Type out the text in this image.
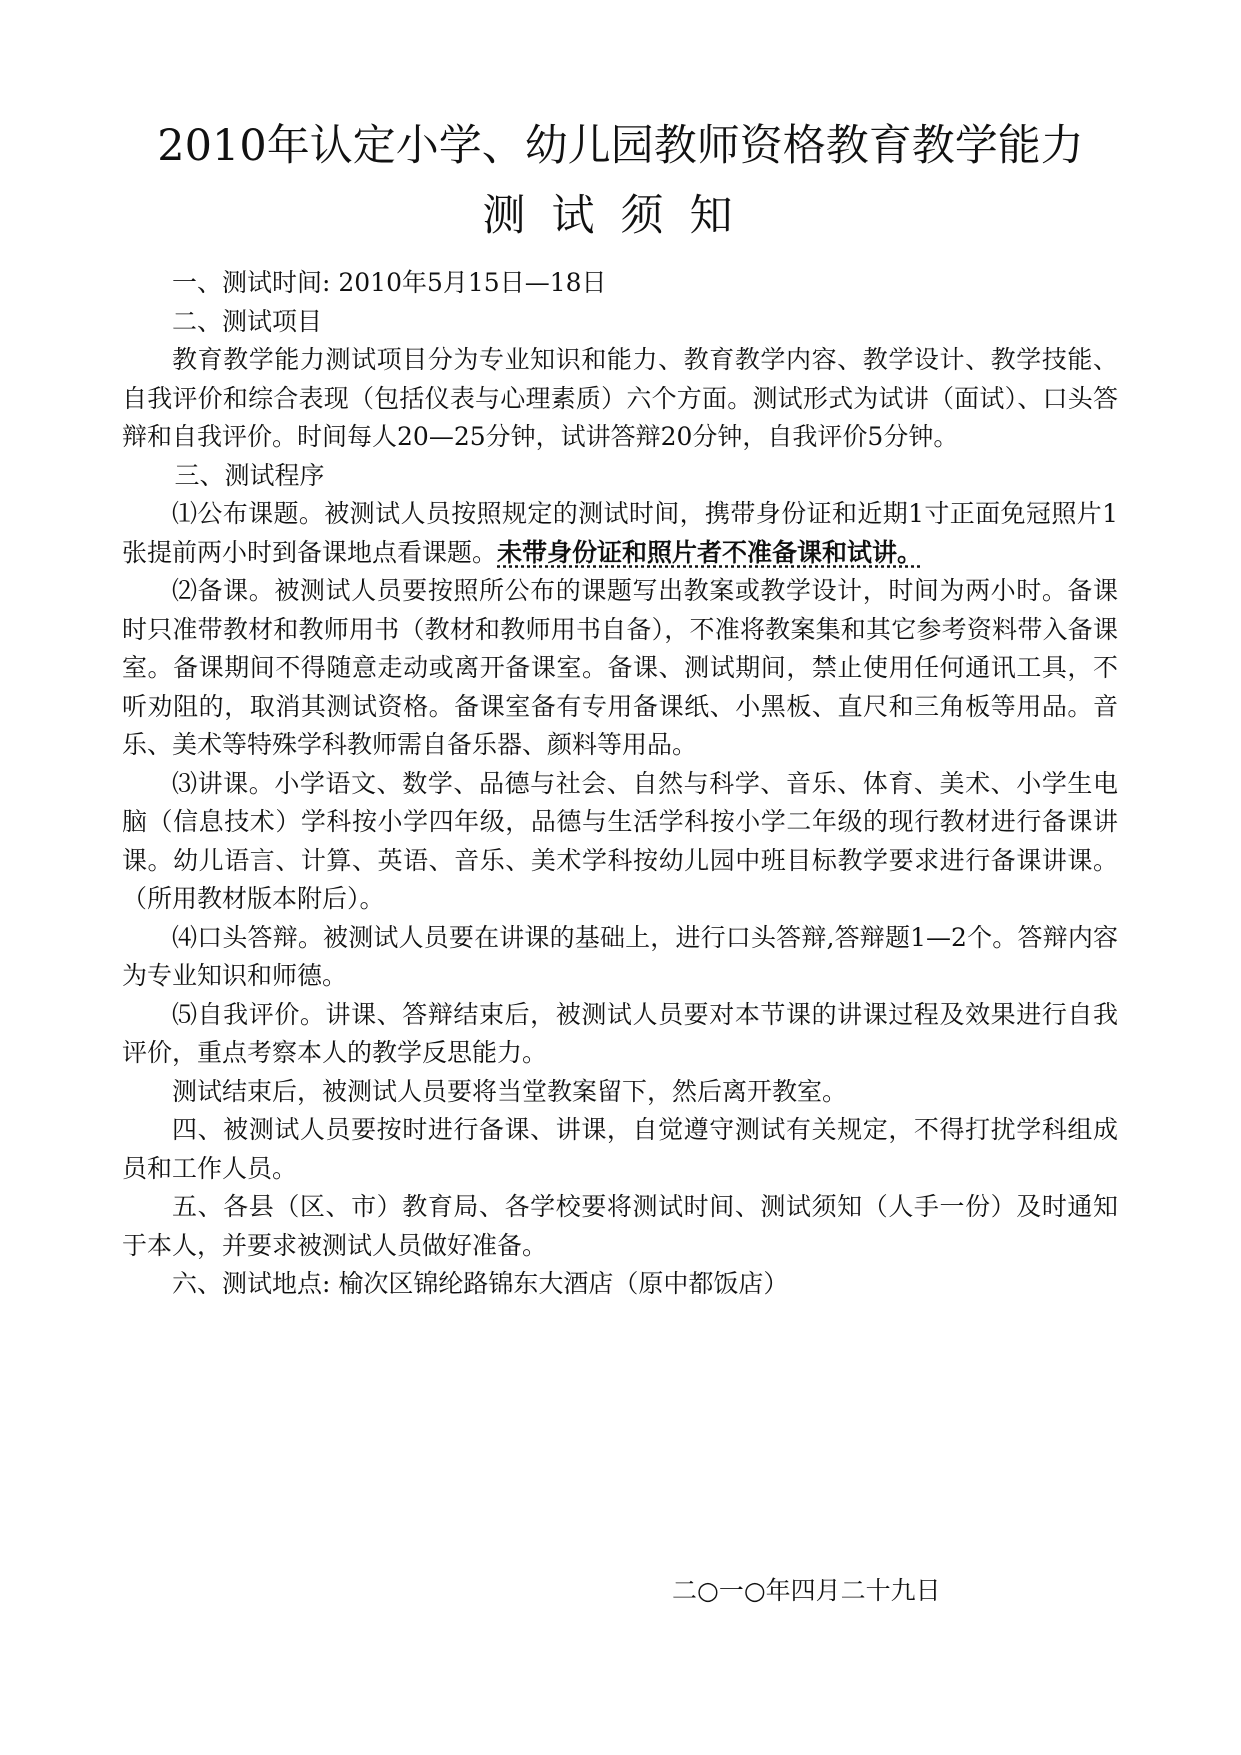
2010年认定小学、幼儿园教师资格教育教学能力
测试须知

一、测试时间: 2010年5月15日—18日

二、测试项目

教育教学能力测试项目分为专业知识和能力、教育教学内容、教学设计、教学技能、自我评价和综合表现（包括仪表与心理素质）六个方面。测试形式为试讲（面试）、口头答辩和自我评价。时间每人20—25分钟，试讲答辩20分钟，自我评价5分钟。

三、测试程序

⑴公布课题。被测试人员按照规定的测试时间，携带身份证和近期1寸正面免冠照片1张提前两小时到备课地点看课题。未带身份证和照片者不准备课和试讲。

⑵备课。被测试人员要按照所公布的课题写出教案或教学设计，时间为两小时。备课时只准带教材和教师用书（教材和教师用书自备），不准将教案集和其它参考资料带入备课室。备课期间不得随意走动或离开备课室。备课、测试期间，禁止使用任何通讯工具，不听劝阻的，取消其测试资格。备课室备有专用备课纸、小黑板、直尺和三角板等用品。音乐、美术等特殊学科教师需自备乐器、颜料等用品。

⑶讲课。小学语文、数学、品德与社会、自然与科学、音乐、体育、美术、小学生电脑（信息技术）学科按小学四年级，品德与生活学科按小学二年级的现行教材进行备课讲课。幼儿语言、计算、英语、音乐、美术学科按幼儿园中班目标教学要求进行备课讲课。（所用教材版本附后）。

⑷口头答辩。被测试人员要在讲课的基础上，进行口头答辩,答辩题1—2个。答辩内容为专业知识和师德。

⑸自我评价。讲课、答辩结束后，被测试人员要对本节课的讲课过程及效果进行自我评价，重点考察本人的教学反思能力。

测试结束后，被测试人员要将当堂教案留下，然后离开教室。

四、被测试人员要按时进行备课、讲课，自觉遵守测试有关规定，不得打扰学科组成员和工作人员。

五、各县（区、市）教育局、各学校要将测试时间、测试须知（人手一份）及时通知于本人，并要求被测试人员做好准备。

六、测试地点: 榆次区锦纶路锦东大酒店（原中都饭店）

二○一○年四月二十九日
